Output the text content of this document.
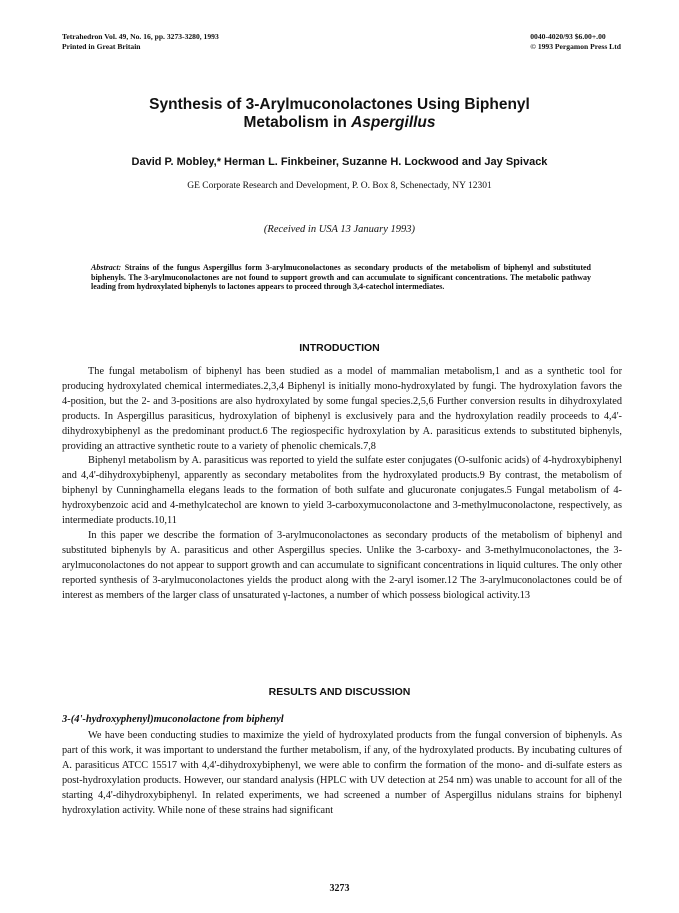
Tetrahedron Vol. 49, No. 16, pp. 3273-3280, 1993
Printed in Great Britain
0040-4020/93 $6.00+.00
© 1993 Pergamon Press Ltd
Synthesis of 3-Arylmuconolactones Using Biphenyl
Metabolism in Aspergillus
David P. Mobley,* Herman L. Finkbeiner, Suzanne H. Lockwood and Jay Spivack
GE Corporate Research and Development, P. O. Box 8, Schenectady, NY 12301
(Received in USA 13 January 1993)
Abstract: Strains of the fungus Aspergillus form 3-arylmuconolactones as secondary products of the metabolism of biphenyl and substituted biphenyls. The 3-arylmuconolactones are not found to support growth and can accumulate to significant concentrations. The metabolic pathway leading from hydroxylated biphenyls to lactones appears to proceed through 3,4-catechol intermediates.
INTRODUCTION

The fungal metabolism of biphenyl has been studied as a model of mammalian metabolism,1 and as a synthetic tool for producing hydroxylated chemical intermediates.2,3,4 Biphenyl is initially mono-hydroxylated by fungi. The hydroxylation favors the 4-position, but the 2- and 3-positions are also hydroxylated by some fungal species.2,5,6 Further conversion results in dihydroxylated products. In Aspergillus parasiticus, hydroxylation of biphenyl is exclusively para and the hydroxylation readily proceeds to 4,4'-dihydroxybiphenyl as the predominant product.6 The regiospecific hydroxylation by A. parasiticus extends to substituted biphenyls, providing an attractive synthetic route to a variety of phenolic chemicals.7,8

Biphenyl metabolism by A. parasiticus was reported to yield the sulfate ester conjugates (O-sulfonic acids) of 4-hydroxybiphenyl and 4,4'-dihydroxybiphenyl, apparently as secondary metabolites from the hydroxylated products.9 By contrast, the metabolism of biphenyl by Cunninghamella elegans leads to the formation of both sulfate and glucuronate conjugates.5 Fungal metabolism of 4-hydroxybenzoic acid and 4-methylcatechol are known to yield 3-carboxymuconolactone and 3-methylmuconolactone, respectively, as intermediate products.10,11

In this paper we describe the formation of 3-arylmuconolactones as secondary products of the metabolism of biphenyl and substituted biphenyls by A. parasiticus and other Aspergillus species. Unlike the 3-carboxy- and 3-methylmuconolactones, the 3-arylmuconolactones do not appear to support growth and can accumulate to significant concentrations in liquid cultures. The only other reported synthesis of 3-arylmuconolactones yields the product along with the 2-aryl isomer.12 The 3-arylmuconolactones could be of interest as members of the larger class of unsaturated γ-lactones, a number of which possess biological activity.13

RESULTS AND DISCUSSION
3-(4'-hydroxyphenyl)muconolactone from biphenyl

We have been conducting studies to maximize the yield of hydroxylated products from the fungal conversion of biphenyls. As part of this work, it was important to understand the further metabolism, if any, of the hydroxylated products. By incubating cultures of A. parasiticus ATCC 15517 with 4,4'-dihydroxybiphenyl, we were able to confirm the formation of the mono- and di-sulfate esters as post-hydroxylation products. However, our standard analysis (HPLC with UV detection at 254 nm) was unable to account for all of the starting 4,4'-dihydroxybiphenyl. In related experiments, we had screened a number of Aspergillus nidulans strains for biphenyl hydroxylation activity. While none of these strains had significant

3273
